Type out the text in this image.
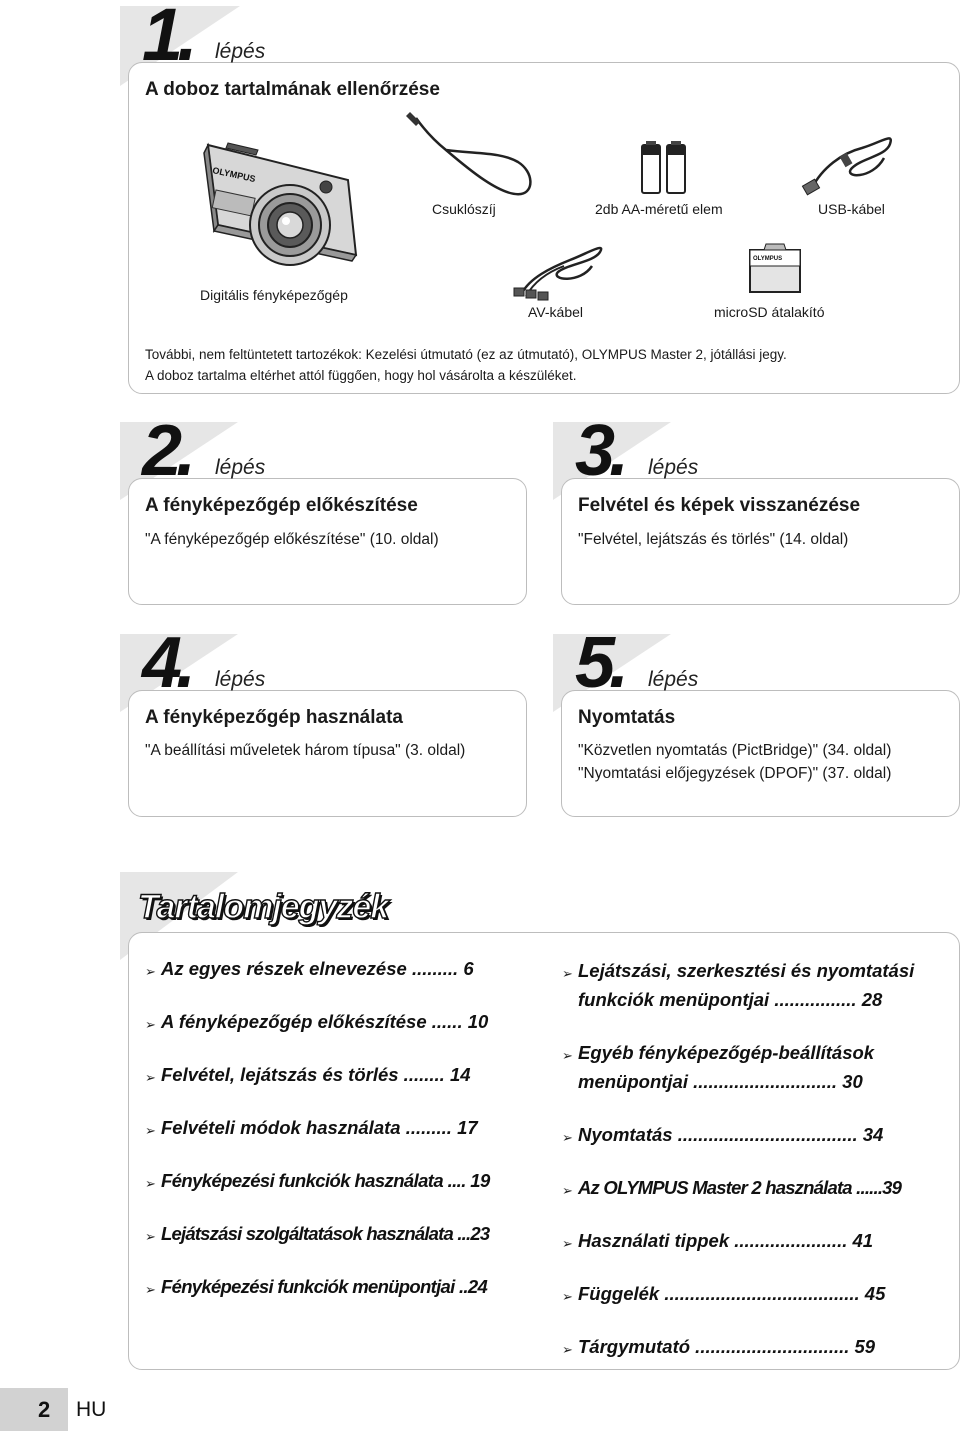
1. lépés
A doboz tartalmának ellenőrzése
OLYMPUS
Digitális fényképezőgép
Csuklószíj	2db AA-méretű elem	USB-kábel
AV-kábel
OLYMPUS
microSD átalakító
További, nem feltüntetett tartozékok: Kezelési útmutató (ez az útmutató), OLYMPUS Master 2, jótállási jegy.
A doboz tartalma eltérhet attól függően, hogy hol vásárolta a készüléket.
2. lépés
A fényképezőgép előkészítése
"A fényképezőgép előkészítése" (10. oldal)
3. lépés
Felvétel és képek visszanézése
"Felvétel, lejátszás és törlés" (14. oldal)
4. lépés
A fényképezőgép használata
"A beállítási műveletek három típusa" (3. oldal)
5. lépés
Nyomtatás
"Közvetlen nyomtatás (PictBridge)" (34. oldal)
"Nyomtatási előjegyzések (DPOF)" (37. oldal)
Tartalomjegyzék
➢ Az egyes részek elnevezése ......... 6
➢ A fényképezőgép előkészítése ...... 10
➢ Felvétel, lejátszás és törlés ........ 14
➢ Felvételi módok használata ......... 17
➢ Fényképezési funkciók használata .... 19
➢ Lejátszási szolgáltatások használata ...23
➢ Fényképezési funkciók menüpontjai ..24
➢ Lejátszási, szerkesztési és nyomtatási
funkciók menüpontjai ................ 28
➢ Egyéb fényképezőgép-beállítások
menüpontjai ............................ 30
➢ Nyomtatás ................................... 34
➢ Az OLYMPUS Master 2 használata ......39
➢ Használati tippek ...................... 41
➢ Függelék ...................................... 45
➢ Tárgymutató .............................. 59
2 HU
